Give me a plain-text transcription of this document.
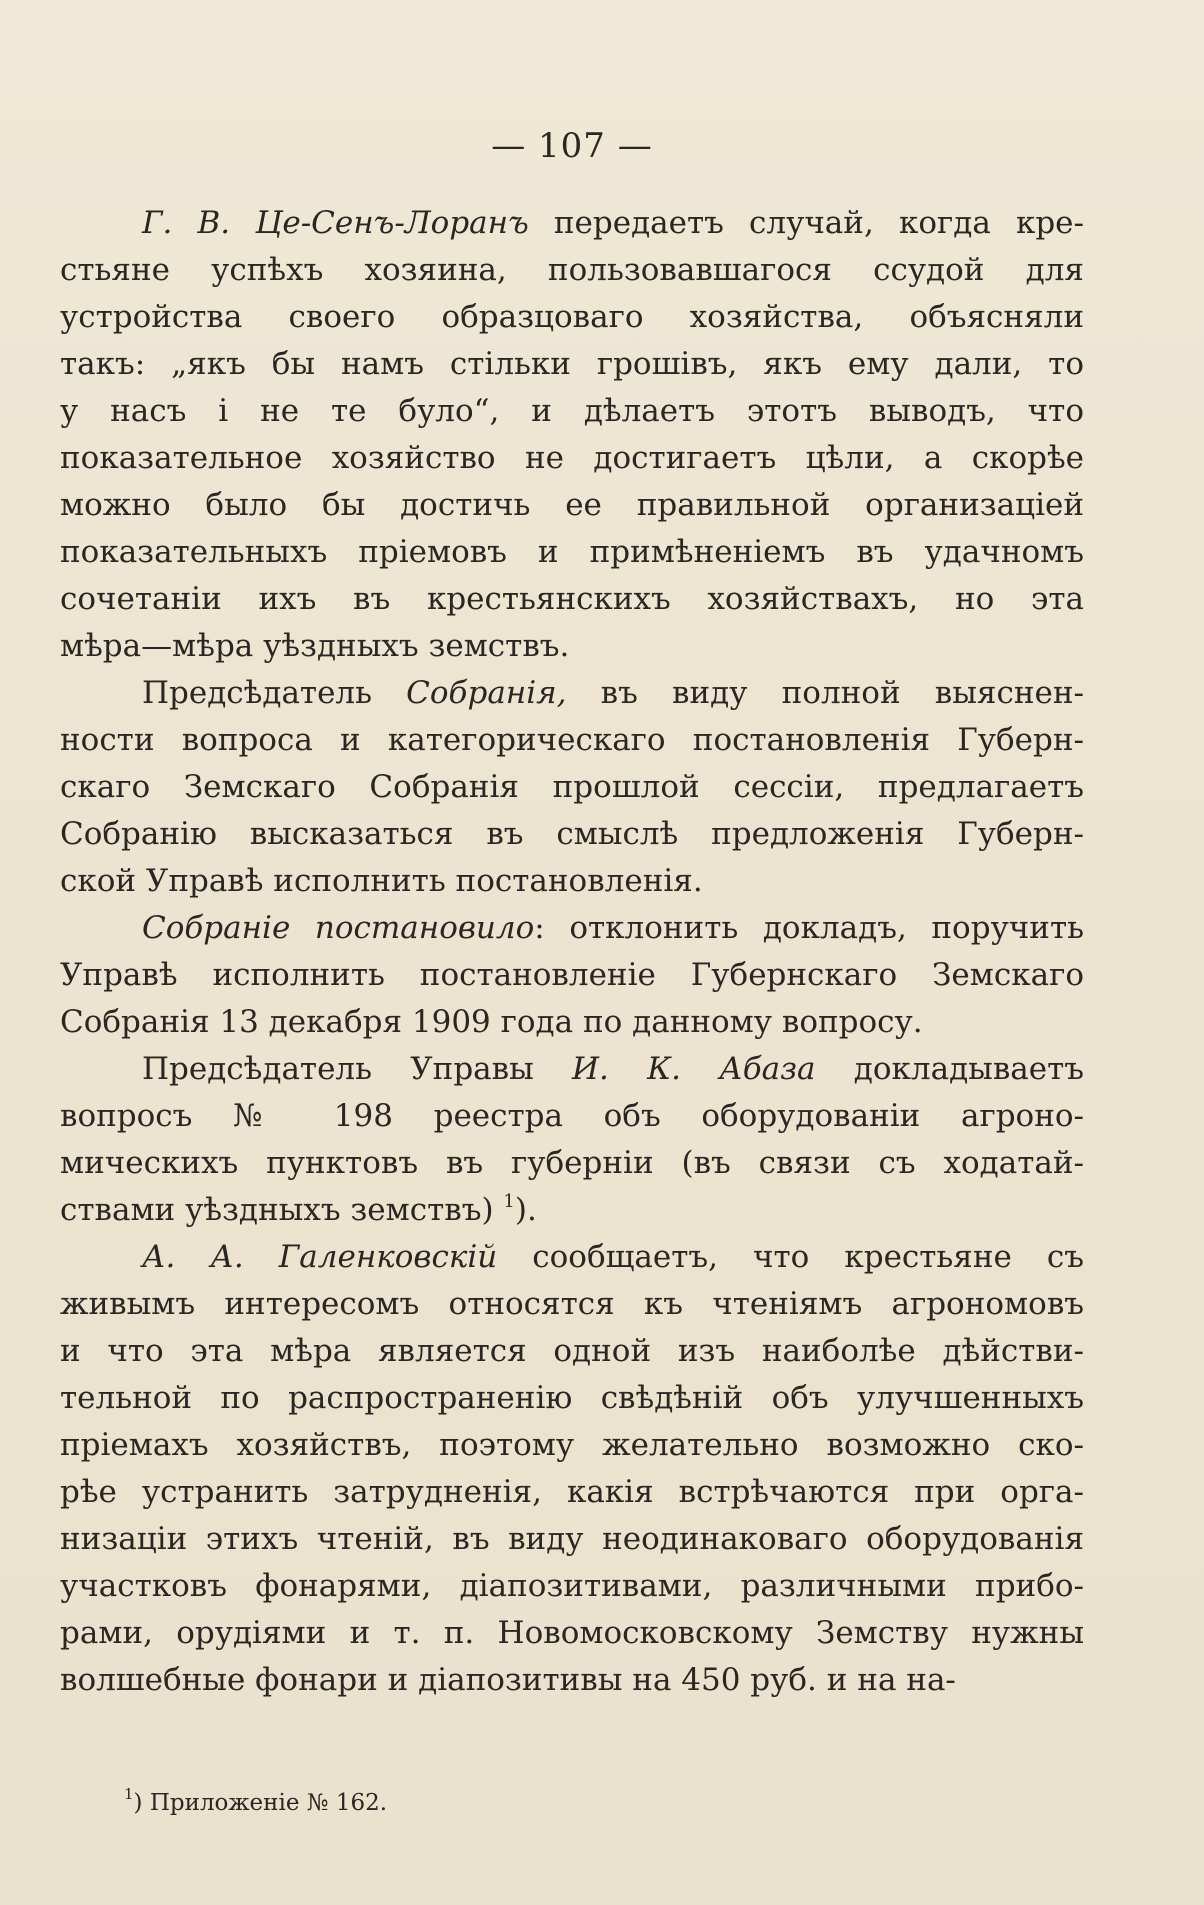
— 107 —
Г. В. Це-Сенъ-Лоранъ передаетъ случай, когда кре-
стьяне успѣхъ хозяина, пользовавшагося ссудой для
устройства своего образцоваго хозяйства, объясняли
такъ: „якъ бы намъ стільки грошівъ, якъ ему дали, то
у насъ і не те було“, и дѣлаетъ этотъ выводъ, что
показательное хозяйство не достигаетъ цѣли, а скорѣе
можно было бы достичь ее правильной организаціей
показательныхъ пріемовъ и примѣненіемъ въ удачномъ
сочетаніи ихъ въ крестьянскихъ хозяйствахъ, но эта
мѣра—мѣра уѣздныхъ земствъ.
Предсѣдатель Собранія, въ виду полной выяснен-
ности вопроса и категорическаго постановленія Губерн-
скаго Земскаго Собранія прошлой сессіи, предлагаетъ
Собранію высказаться въ смыслѣ предложенія Губерн-
ской Управѣ исполнить постановленія.
Собраніе постановило: отклонить докладъ, поручить
Управѣ исполнить постановленіе Губернскаго Земскаго
Собранія 13 декабря 1909 года по данному вопросу.
Предсѣдатель Управы И. К. Абаза докладываетъ
вопросъ № 198 реестра объ оборудованіи агроно-
мическихъ пунктовъ въ губерніи (въ связи съ ходатай-
ствами уѣздныхъ земствъ) $^1$).
А. А. Галенковскій сообщаетъ, что крестьяне съ
живымъ интересомъ относятся къ чтеніямъ агрономовъ
и что эта мѣра является одной изъ наиболѣе дѣйстви-
тельной по распространенію свѣдѣній объ улучшенныхъ
пріемахъ хозяйствъ, поэтому желательно возможно ско-
рѣе устранить затрудненія, какія встрѣчаются при орга-
низаціи этихъ чтеній, въ виду неодинаковаго оборудованія
участковъ фонарями, діапозитивами, различными прибо-
рами, орудіями и т. п. Новомосковскому Земству нужны
волшебные фонари и діапозитивы на 450 руб. и на на-
$^1$) Приложеніе № 162.
